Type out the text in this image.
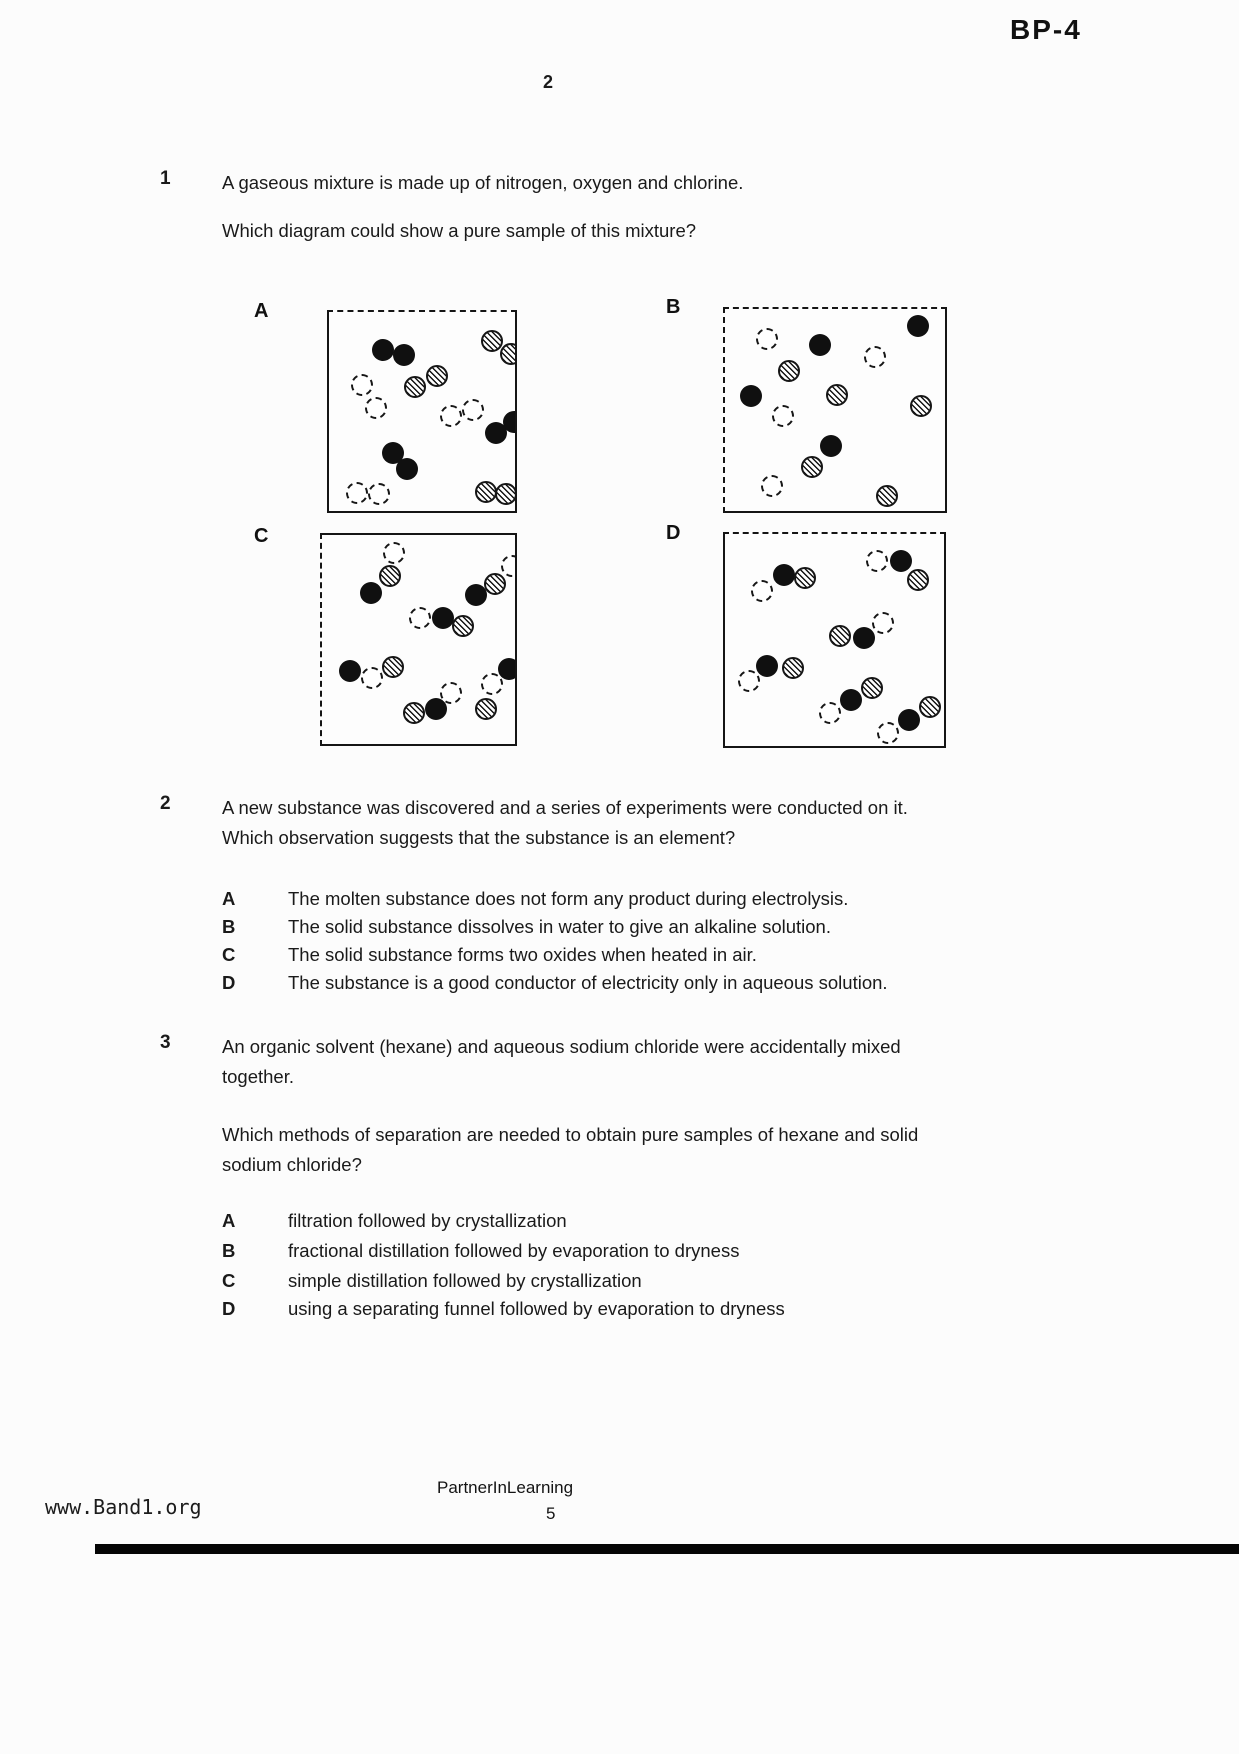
BP-4
2
1	A gaseous mixture is made up of nitrogen, oxygen and chlorine.
Which diagram could show a pure sample of this mixture?
A	B
C	D
2	A new substance was discovered and a series of experiments were conducted on it.
Which observation suggests that the substance is an element?
A	The molten substance does not form any product during electrolysis.
B	The solid substance dissolves in water to give an alkaline solution.
C	The solid substance forms two oxides when heated in air.
D	The substance is a good conductor of electricity only in aqueous solution.
3	An organic solvent (hexane) and aqueous sodium chloride were accidentally mixed
together.
Which methods of separation are needed to obtain pure samples of hexane and solid
sodium chloride?
A	filtration followed by crystallization
B	fractional distillation followed by evaporation to dryness
C	simple distillation followed by crystallization
D	using a separating funnel followed by evaporation to dryness
PartnerInLearning
5
www.Band1.org
